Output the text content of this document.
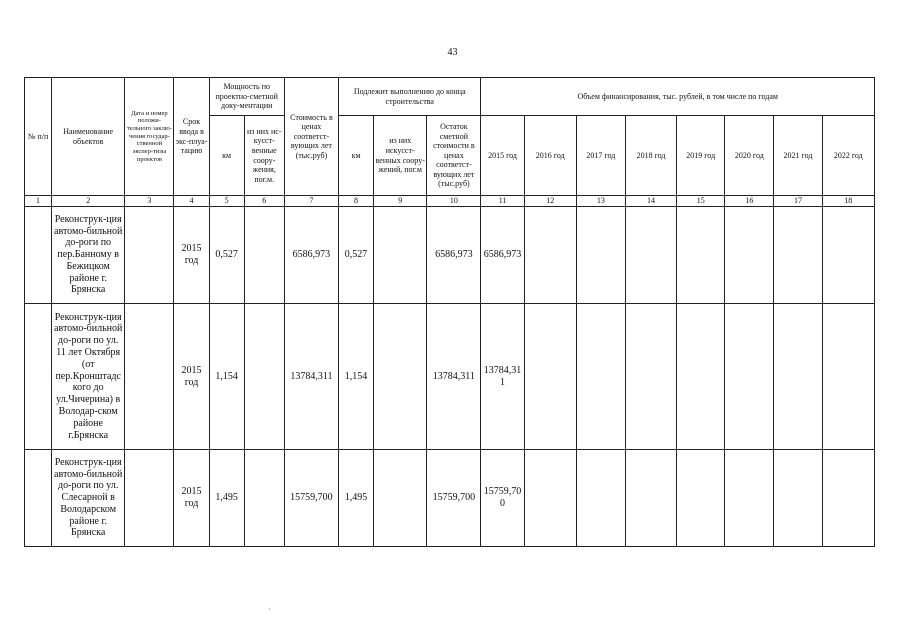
43
№ п/п	Наименование объектов	Дата и номер положи-тельного заклю-чения государ-ственной экспер-тизы проектов	Срок ввода в экс-плуа-тацию	Мощность по проектно-сметной доку-ментации		Стоимость в ценах соответст-вующих лет (тыс.руб)	Подлежит выполнению до конца строительства			Объем финансирования, тыс. рублей, в том числе по годам							
				км	из них ис-кусст-венные соору-жения, пог.м.		км	из них искусст-венных соору-жений, пог.м	Остаток сметной стоимости в ценах соответст-вующих лет (тыс.руб)	2015 год	2016 год	2017 год	2018 год	2019 год	2020 год	2021 год	2022 год
1	2	3	4	5	6	7	8	9	10	11	12	13	14	15	16	17	18
	Реконструк-ция автомо-бильной до-роги по пер.Банному в Бежицком районе г. Брянска		2015 год	0,527		6586,973	0,527		6586,973	6586,973							
	Реконструк-ция автомо-бильной до-роги по ул. 11 лет Октября (от пер.Кронштадского до ул.Чичерина) в Володар-ском районе г.Брянска		2015 год	1,154		13784,311	1,154		13784,311	13784,311							
	Реконструк-ция автомо-бильной до-роги по ул. Слесарной в Володарском районе г. Брянска		2015 год	1,495		15759,700	1,495		15759,700	15759,700							
·
